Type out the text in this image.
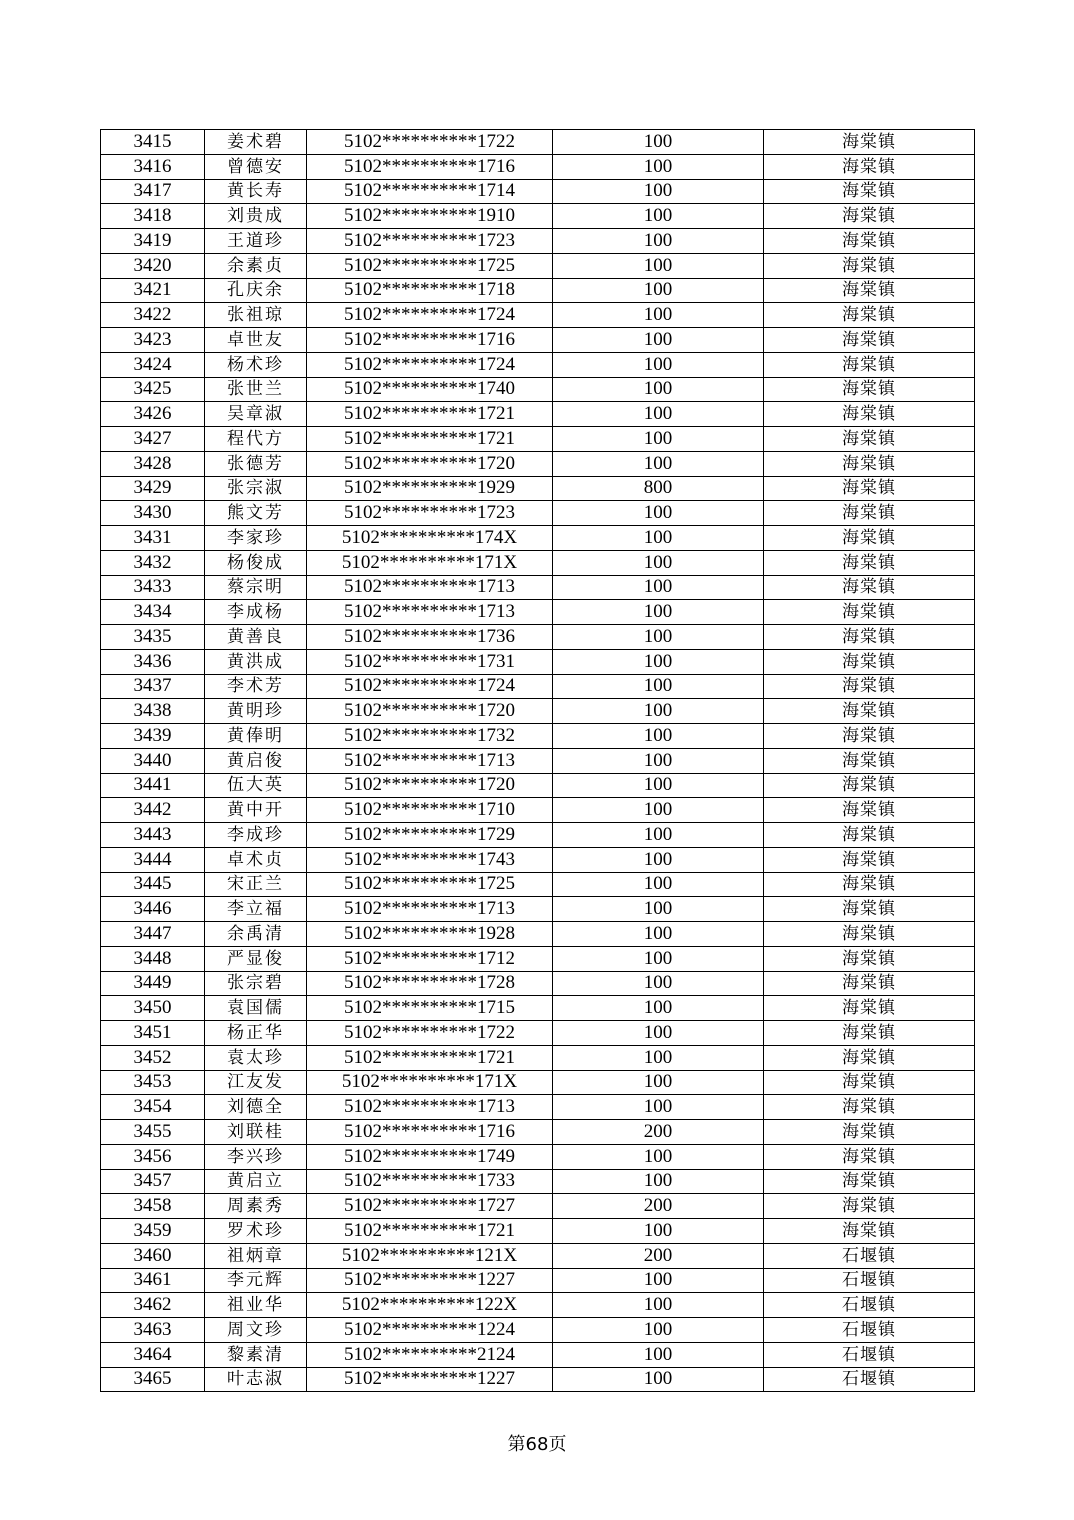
3415	姜术碧	5102**********1722	100	海棠镇
3416	曾德安	5102**********1716	100	海棠镇
3417	黄长寿	5102**********1714	100	海棠镇
3418	刘贵成	5102**********1910	100	海棠镇
3419	王道珍	5102**********1723	100	海棠镇
3420	余素贞	5102**********1725	100	海棠镇
3421	孔庆余	5102**********1718	100	海棠镇
3422	张祖琼	5102**********1724	100	海棠镇
3423	卓世友	5102**********1716	100	海棠镇
3424	杨术珍	5102**********1724	100	海棠镇
3425	张世兰	5102**********1740	100	海棠镇
3426	吴章淑	5102**********1721	100	海棠镇
3427	程代方	5102**********1721	100	海棠镇
3428	张德芳	5102**********1720	100	海棠镇
3429	张宗淑	5102**********1929	800	海棠镇
3430	熊文芳	5102**********1723	100	海棠镇
3431	李家珍	5102**********174X	100	海棠镇
3432	杨俊成	5102**********171X	100	海棠镇
3433	蔡宗明	5102**********1713	100	海棠镇
3434	李成杨	5102**********1713	100	海棠镇
3435	黄善良	5102**********1736	100	海棠镇
3436	黄洪成	5102**********1731	100	海棠镇
3437	李术芳	5102**********1724	100	海棠镇
3438	黄明珍	5102**********1720	100	海棠镇
3439	黄俸明	5102**********1732	100	海棠镇
3440	黄启俊	5102**********1713	100	海棠镇
3441	伍大英	5102**********1720	100	海棠镇
3442	黄中开	5102**********1710	100	海棠镇
3443	李成珍	5102**********1729	100	海棠镇
3444	卓术贞	5102**********1743	100	海棠镇
3445	宋正兰	5102**********1725	100	海棠镇
3446	李立福	5102**********1713	100	海棠镇
3447	余禹清	5102**********1928	100	海棠镇
3448	严显俊	5102**********1712	100	海棠镇
3449	张宗碧	5102**********1728	100	海棠镇
3450	袁国儒	5102**********1715	100	海棠镇
3451	杨正华	5102**********1722	100	海棠镇
3452	袁太珍	5102**********1721	100	海棠镇
3453	江友发	5102**********171X	100	海棠镇
3454	刘德全	5102**********1713	100	海棠镇
3455	刘联桂	5102**********1716	200	海棠镇
3456	李兴珍	5102**********1749	100	海棠镇
3457	黄启立	5102**********1733	100	海棠镇
3458	周素秀	5102**********1727	200	海棠镇
3459	罗术珍	5102**********1721	100	海棠镇
3460	祖炳章	5102**********121X	200	石堰镇
3461	李元辉	5102**********1227	100	石堰镇
3462	祖业华	5102**********122X	100	石堰镇
3463	周文珍	5102**********1224	100	石堰镇
3464	黎素清	5102**********2124	100	石堰镇
3465	叶志淑	5102**********1227	100	石堰镇
第68页
